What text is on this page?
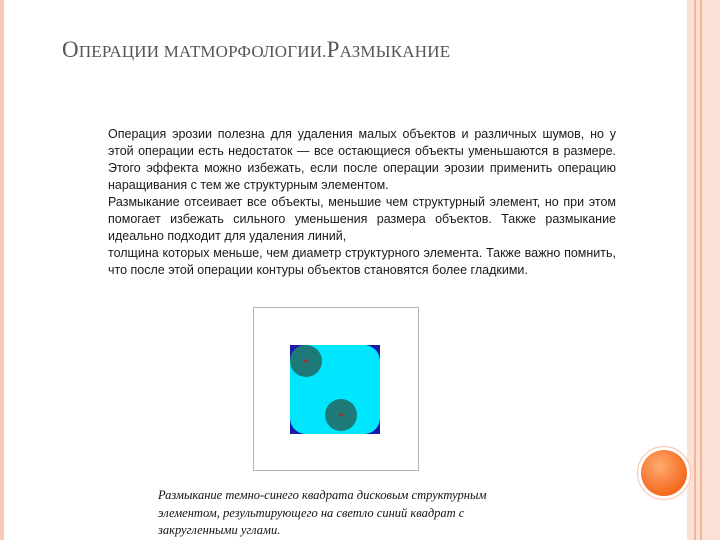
ОПЕРАЦИИ МАТМОРФОЛОГИИ.РАЗМЫКАНИЕ

Операция эрозии полезна для удаления малых объектов и различных шумов, но у этой операции есть недостаток — все остающиеся объекты уменьшаются в размере. Этого эффекта можно избежать, если после операции эрозии применить операцию наращивания с тем же структурным элементом.

Размыкание отсеивает все объекты, меньшие чем структурный элемент, но при этом помогает избежать сильного уменьшения размера объектов. Также размыкание идеально подходит для удаления линий,

толщина которых меньше, чем диаметр структурного элемента. Также важно помнить, что после этой операции контуры объектов становятся более гладкими.

Размыкание темно-синего квадрата дисковым структурным элементом, результирующего на светло синий квадрат с закругленными углами.
